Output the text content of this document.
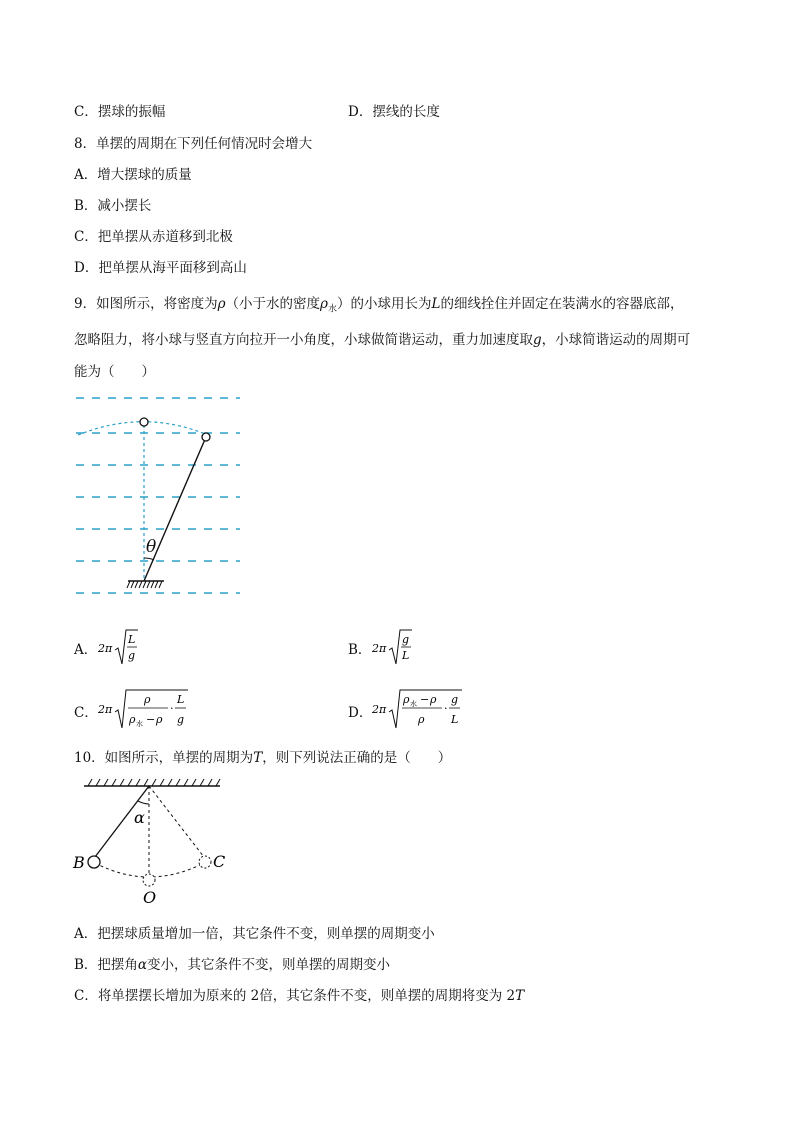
C．摆球的振幅	D．摆线的长度
8．单摆的周期在下列任何情况时会增大
A．增大摆球的质量
B．减小摆长
C．把单摆从赤道移到北极
D．把单摆从海平面移到高山
9．如图所示，将密度为ρ（小于水的密度$\rho_水$）的小球用长为L的细线拴住并固定在装满水的容器底部，
忽略阻力，将小球与竖直方向拉开一小角度，小球做简谐运动，重力加速度取g，小球简谐运动的周期可
能为（　　）
θ
A． 2π
L
g	B． 2π
g
L
C． 2π
ρ
ρ 水 − ρ
·
L
g	D． 2π
ρ 水 − ρ
ρ
·
g
L
10．如图所示，单摆的周期为T，则下列说法正确的是（　　）
α
B	C
O
A．把摆球质量增加一倍，其它条件不变，则单摆的周期变小
B．把摆角α变小，其它条件不变，则单摆的周期变小
C．将单摆摆长增加为原来的 2倍，其它条件不变，则单摆的周期将变为 2T
